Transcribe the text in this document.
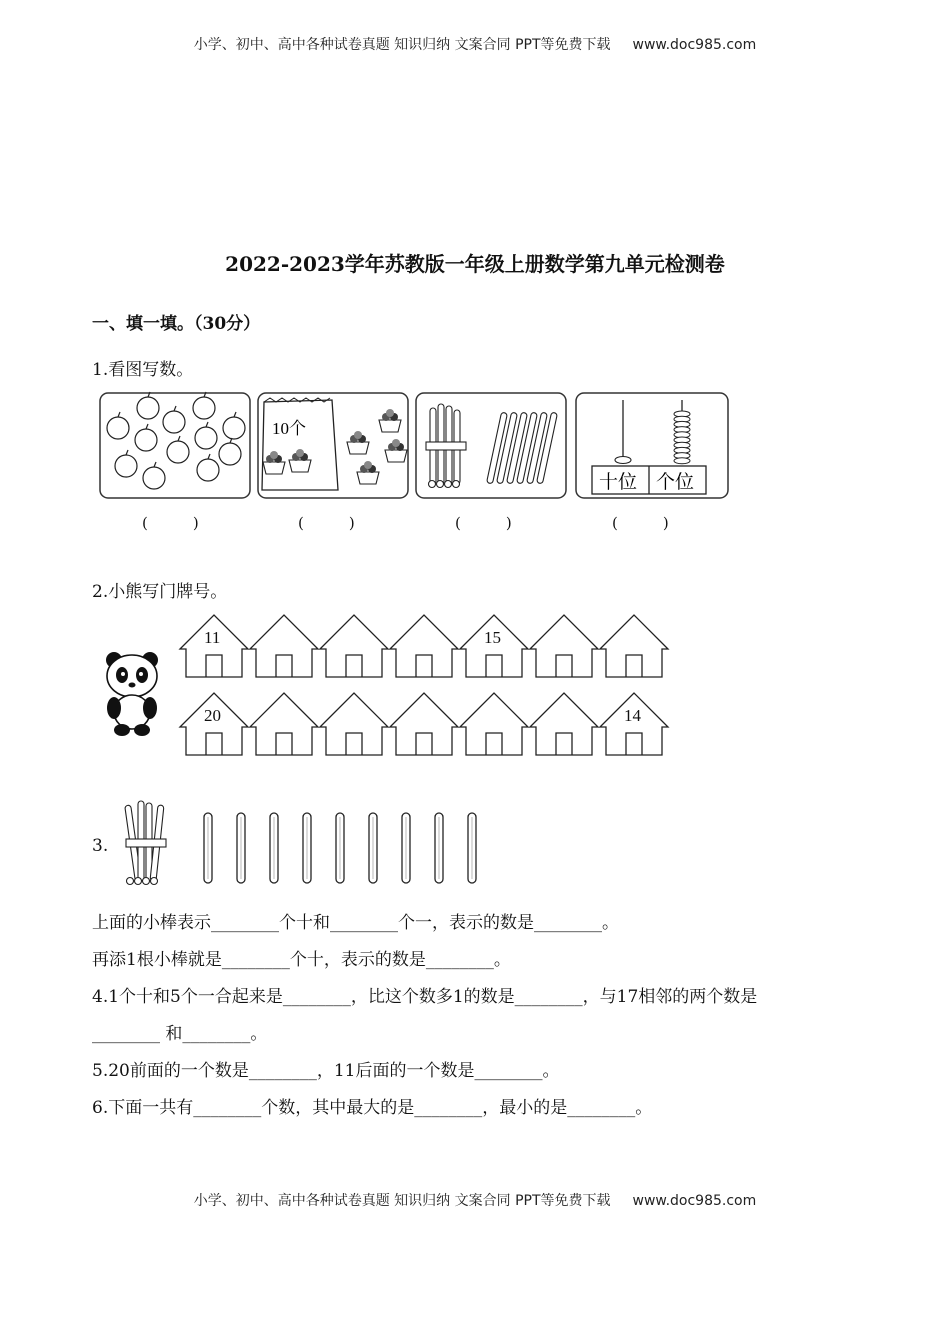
小学、初中、高中各种试卷真题 知识归纳 文案合同 PPT等免费下载 www.doc985.com
2022-2023学年苏教版一年级上册数学第九单元检测卷
一、填一填。（30分）
1.看图写数。
10个
十位 个位
(　　　)	(　　　)	(　　　)	(　　　)
2.小熊写门牌号。
11	15
20	14
3.
上面的小棒表示________个十和________个一，表示的数是________。
再添1根小棒就是________个十，表示的数是________。
4.1个十和5个一合起来是________，比这个数多1的数是________，与17相邻的两个数是
________ 和________。
5.20前面的一个数是________，11后面的一个数是________。
6.下面一共有________个数，其中最大的是________，最小的是________。
小学、初中、高中各种试卷真题 知识归纳 文案合同 PPT等免费下载 www.doc985.com
